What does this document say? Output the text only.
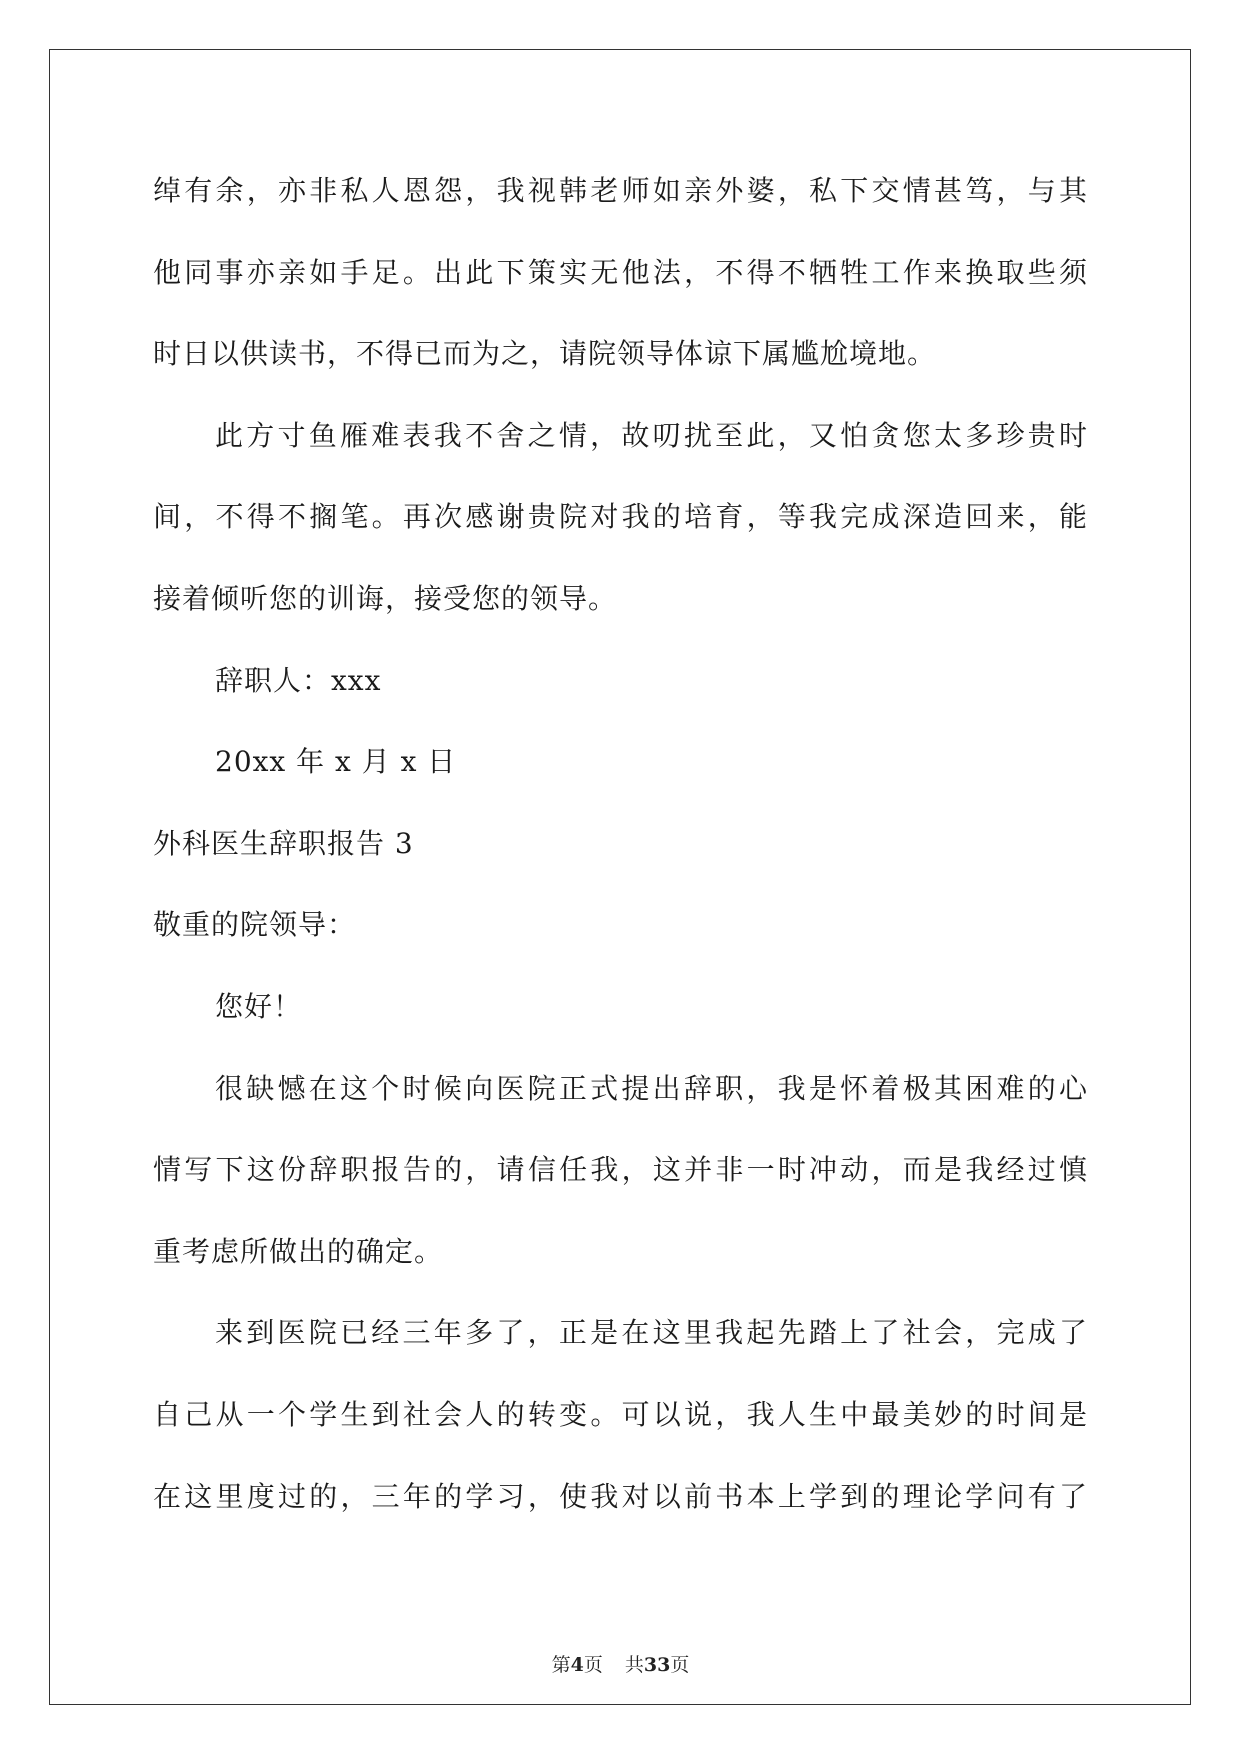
绰有余，亦非私人恩怨，我视韩老师如亲外婆，私下交情甚笃，与其
他同事亦亲如手足。出此下策实无他法，不得不牺牲工作来换取些须
时日以供读书，不得已而为之，请院领导体谅下属尴尬境地。
此方寸鱼雁难表我不舍之情，故叨扰至此，又怕贪您太多珍贵时
间，不得不搁笔。再次感谢贵院对我的培育，等我完成深造回来，能
接着倾听您的训诲，接受您的领导。
辞职人：xxx
20xx 年 x 月 x 日
外科医生辞职报告 3
敬重的院领导：
您好！
很缺憾在这个时候向医院正式提出辞职，我是怀着极其困难的心
情写下这份辞职报告的，请信任我，这并非一时冲动，而是我经过慎
重考虑所做出的确定。
来到医院已经三年多了，正是在这里我起先踏上了社会，完成了
自己从一个学生到社会人的转变。可以说，我人生中最美妙的时间是
在这里度过的，三年的学习，使我对以前书本上学到的理论学问有了
第4页 共33页
